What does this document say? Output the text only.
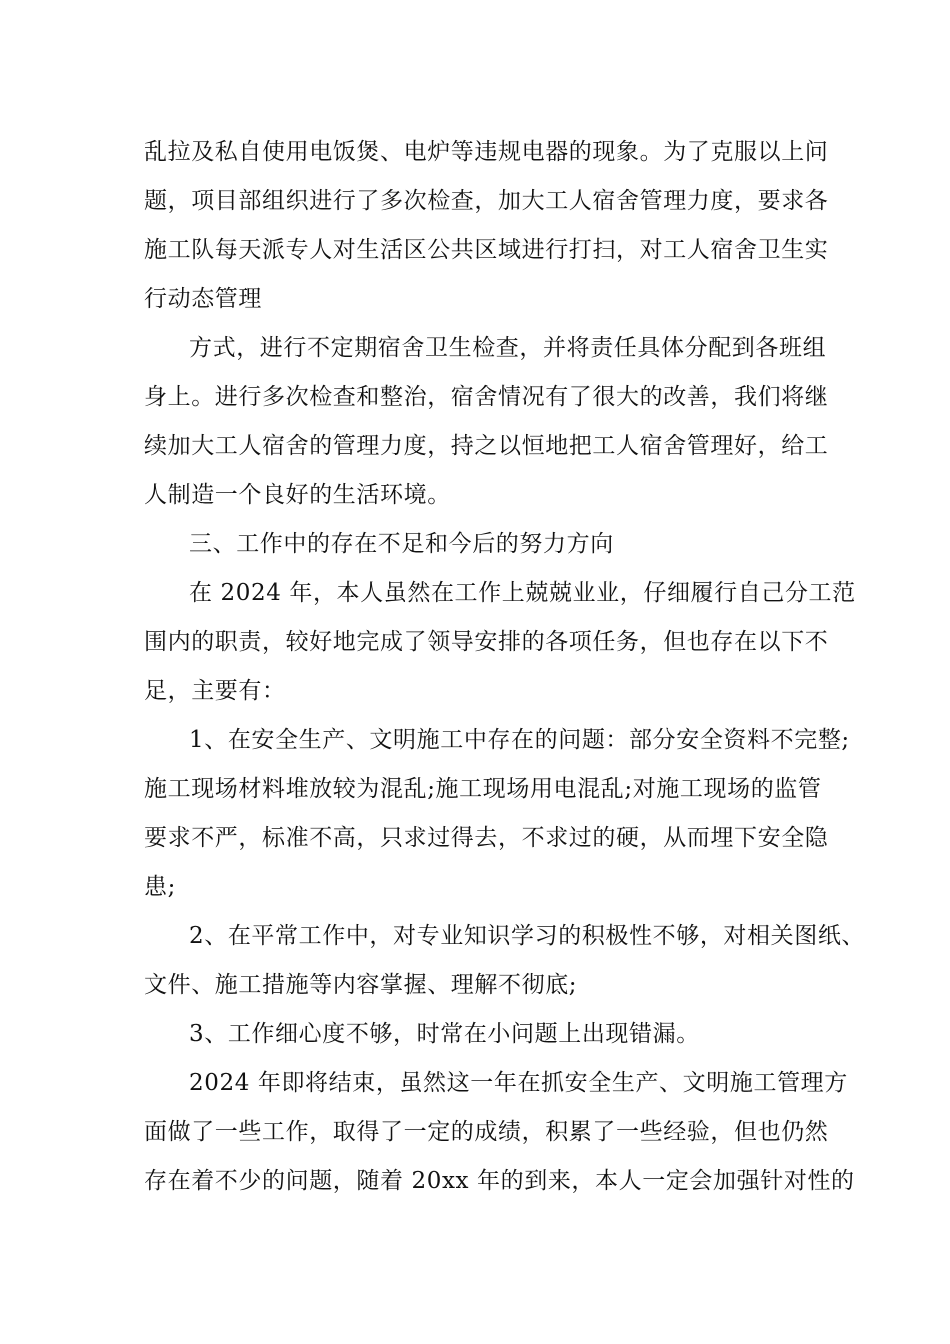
乱拉及私自使用电饭煲、电炉等违规电器的现象。为了克服以上问
题，项目部组织进行了多次检查，加大工人宿舍管理力度，要求各
施工队每天派专人对生活区公共区域进行打扫，对工人宿舍卫生实
行动态管理
方式，进行不定期宿舍卫生检查，并将责任具体分配到各班组
身上。进行多次检查和整治，宿舍情况有了很大的改善，我们将继
续加大工人宿舍的管理力度，持之以恒地把工人宿舍管理好，给工
人制造一个良好的生活环境。
三、工作中的存在不足和今后的努力方向
在 2024 年，本人虽然在工作上兢兢业业，仔细履行自己分工范
围内的职责，较好地完成了领导安排的各项任务，但也存在以下不
足，主要有：
1、在安全生产、文明施工中存在的问题：部分安全资料不完整;
施工现场材料堆放较为混乱;施工现场用电混乱;对施工现场的监管
要求不严，标准不高，只求过得去，不求过的硬，从而埋下安全隐
患;
2、在平常工作中，对专业知识学习的积极性不够，对相关图纸、
文件、施工措施等内容掌握、理解不彻底;
3、工作细心度不够，时常在小问题上出现错漏。
2024 年即将结束，虽然这一年在抓安全生产、文明施工管理方
面做了一些工作，取得了一定的成绩，积累了一些经验，但也仍然
存在着不少的问题，随着 20xx 年的到来，本人一定会加强针对性的
